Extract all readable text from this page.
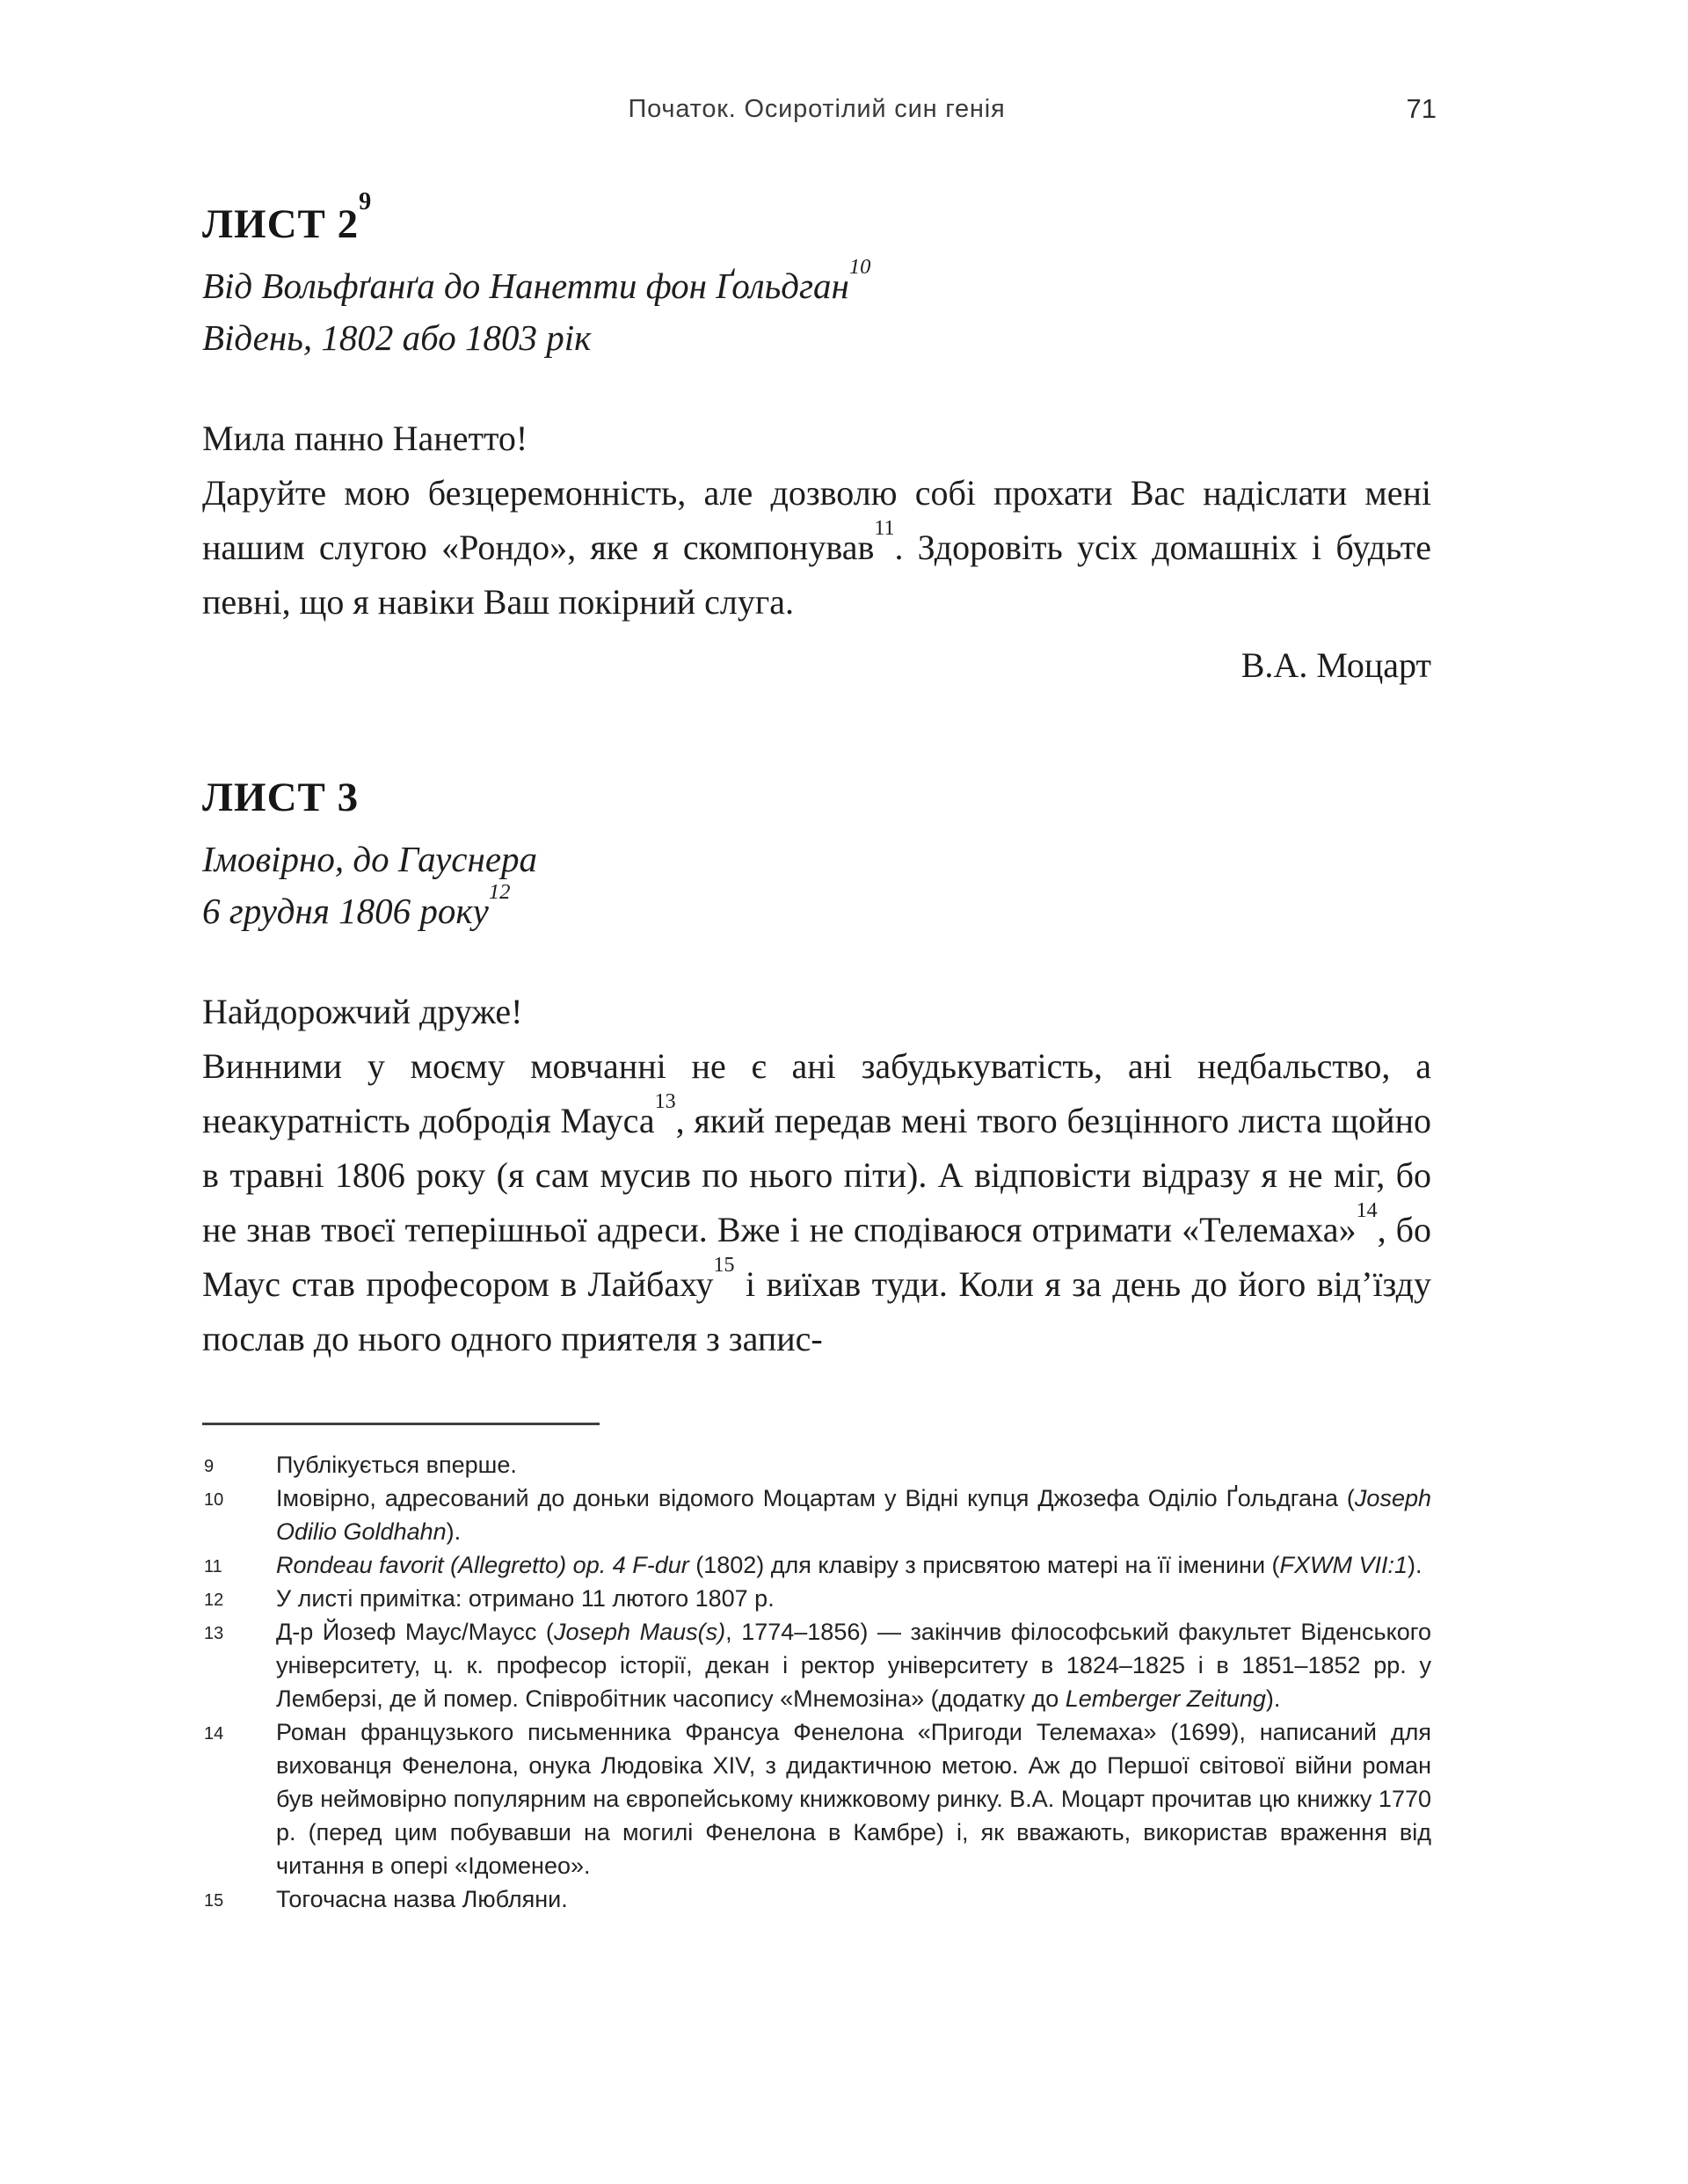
Початок. Осиротілий син генія	71
ЛИСТ $2^9$

Від Вольфґанґа до Нанетти фон Ґольдган$^{10}$

Відень, 1802 або 1803 рік

Мила панно Нанетто!

Даруйте мою безцеремонність, але дозволю собі прохати Вас надіслати мені нашим слугою «Рондо», яке я скомпонував$^{11}$. Здоровіть усіх домашніх і будьте певні, що я навіки Ваш покірний слуга.

В.А. Моцарт

ЛИСТ 3

Імовірно, до Гауснера

6 грудня 1806 року$^{12}$

Найдорожчий друже!

Винними у моєму мовчанні не є ані забудькуватість, ані недбальство, а неакуратність добродія Мауса$^{13}$, який передав мені твого безцінного листа щойно в травні 1806 року (я сам мусив по нього піти). А відповісти відразу я не міг, бо не знав твоєї теперішньої адреси. Вже і не сподіваюся отримати «Телемаха»$^{14}$, бо Маус став професором в Лайбаху$^{15}$ і виїхав туди. Коли я за день до його від’їзду послав до нього одного приятеля з запис-

9	Публікується вперше.
10 Імовірно, адресований до доньки відомого Моцартам у Відні купця Джозефа Оділіо Ґольдгана (Joseph Odilio Goldhahn).
11 Rondeau favorit (Allegretto) op. 4 F-dur (1802) для клавіру з присвятою матері на її іменини (FXWM VII:1).
12 У листі примітка: отримано 11 лютого 1807 р.
13 Д-р Йозеф Маус/Маусс (Joseph Maus(s), 1774–1856) — закінчив філософський факультет Віденського університету, ц. к. професор історії, декан і ректор університету в 1824–1825 і в 1851–1852 рр. у Лемберзі, де й помер. Співробітник часопису «Мнемозіна» (додатку до Lemberger Zeitung).
14 Роман французького письменника Франсуа Фенелона «Пригоди Телемаха» (1699), написаний для вихованця Фенелона, онука Людовіка XIV, з дидактичною метою. Аж до Першої світової війни роман був неймовірно популярним на європейському книжковому ринку. В.А. Моцарт прочитав цю книжку 1770 р. (перед цим побувавши на могилі Фенелона в Камбре) і, як вважають, використав враження від читання в опері «Ідоменео».
15 Тогочасна назва Любляни.
